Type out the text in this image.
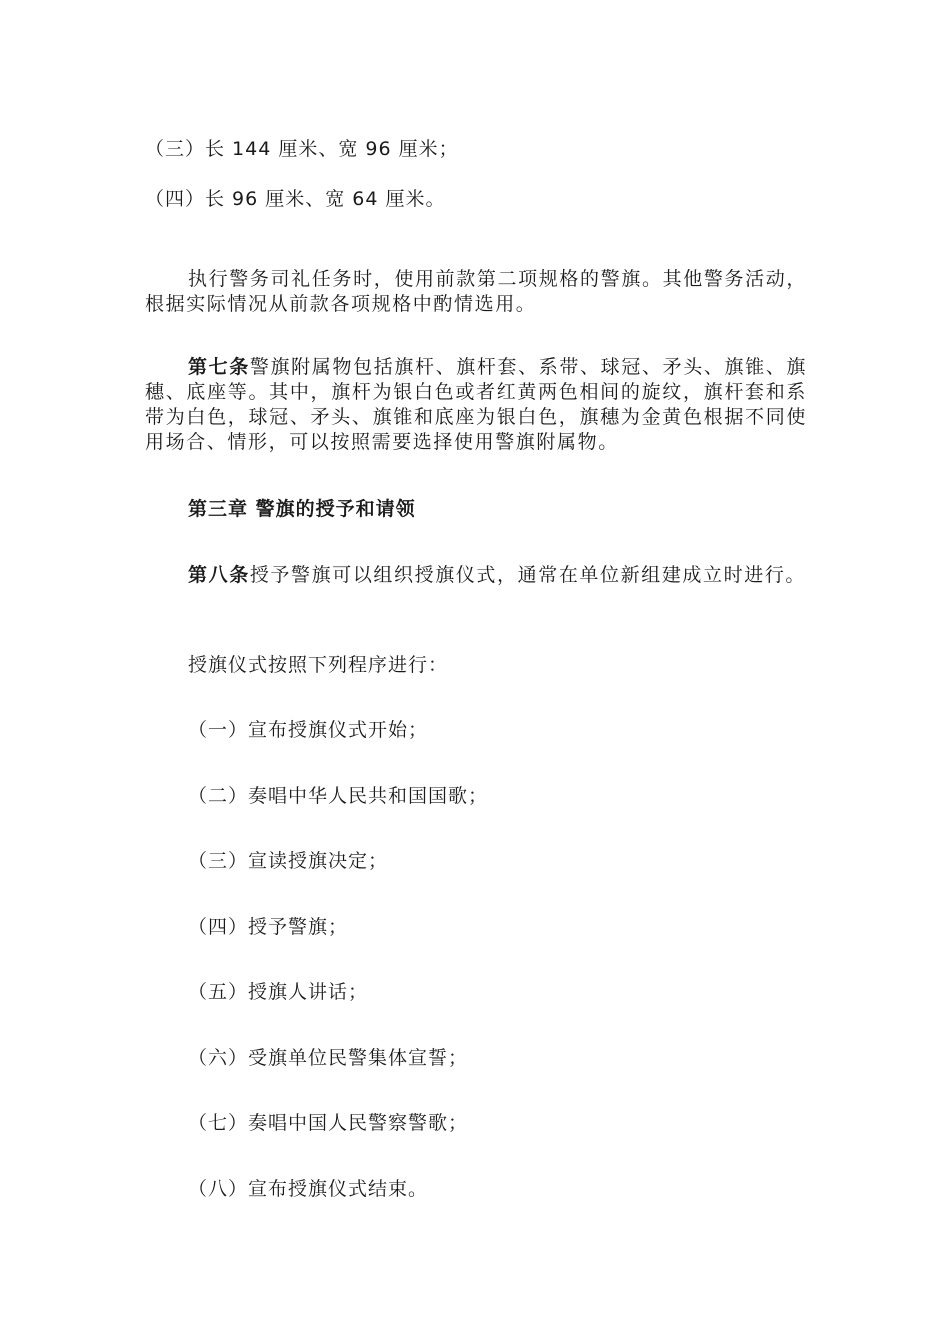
（三）长 144 厘米、宽 96 厘米；
（四）长 96 厘米、宽 64 厘米。
执行警务司礼任务时，使用前款第二项规格的警旗。其他警务活动，根据实际情况从前款各项规格中酌情选用。
第七条警旗附属物包括旗杆、旗杆套、系带、球冠、矛头、旗锥、旗穗、底座等。其中，旗杆为银白色或者红黄两色相间的旋纹，旗杆套和系带为白色，球冠、矛头、旗锥和底座为银白色，旗穗为金黄色根据不同使用场合、情形，可以按照需要选择使用警旗附属物。
第三章 警旗的授予和请领
第八条授予警旗可以组织授旗仪式，通常在单位新组建成立时进行。
授旗仪式按照下列程序进行：
（一）宣布授旗仪式开始；
（二）奏唱中华人民共和国国歌；
（三）宣读授旗决定；
（四）授予警旗；
（五）授旗人讲话；
（六）受旗单位民警集体宣誓；
（七）奏唱中国人民警察警歌；
（八）宣布授旗仪式结束。
